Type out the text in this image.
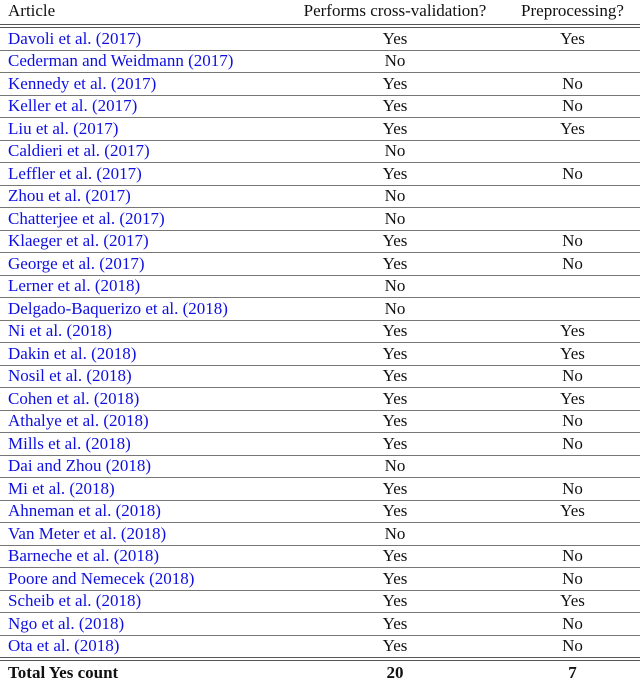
Article	Performs cross-validation?	Preprocessing?
Davoli et al. (2017)	Yes	Yes
Cederman and Weidmann (2017)	No	
Kennedy et al. (2017)	Yes	No
Keller et al. (2017)	Yes	No
Liu et al. (2017)	Yes	Yes
Caldieri et al. (2017)	No	
Leffler et al. (2017)	Yes	No
Zhou et al. (2017)	No	
Chatterjee et al. (2017)	No	
Klaeger et al. (2017)	Yes	No
George et al. (2017)	Yes	No
Lerner et al. (2018)	No	
Delgado-Baquerizo et al. (2018)	No	
Ni et al. (2018)	Yes	Yes
Dakin et al. (2018)	Yes	Yes
Nosil et al. (2018)	Yes	No
Cohen et al. (2018)	Yes	Yes
Athalye et al. (2018)	Yes	No
Mills et al. (2018)	Yes	No
Dai and Zhou (2018)	No	
Mi et al. (2018)	Yes	No
Ahneman et al. (2018)	Yes	Yes
Van Meter et al. (2018)	No	
Barneche et al. (2018)	Yes	No
Poore and Nemecek (2018)	Yes	No
Scheib et al. (2018)	Yes	Yes
Ngo et al. (2018)	Yes	No
Ota et al. (2018)	Yes	No
Total Yes count	20	7
